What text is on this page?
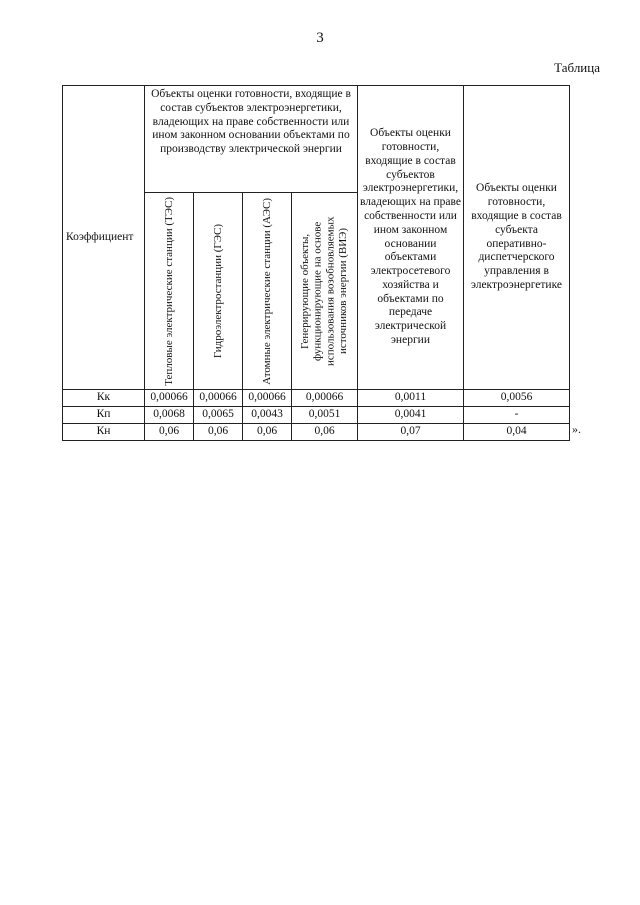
3
Таблица
Коэффициент	Объекты оценки готовности, входящие в состав субъектов электроэнергетики, владеющих на праве собственности или ином законном основании объектами по производству электрической энергии				Объекты оценки готовности, входящие в состав субъектов электроэнергетики, владеющих на праве собственности или ином законном основании объектами электросетевого хозяйства и объектами по передаче электрической энергии	Объекты оценки готовности, входящие в состав субъекта оперативно-диспетчерского управления в электроэнергетике

	Тепловые электрические станции (ТЭС)	Гидроэлектростанции (ГЭС)	Атомные электрические станции (АЭС)	Генерирующие объекты, функционирующие на основе использования возобновляемых источников энергии (ВИЭ)		

Кк	0,00066	0,00066	0,00066	0,00066	0,0011	0,0056
Кп	0,0068	0,0065	0,0043	0,0051	0,0041	-
Кн	0,06	0,06	0,06	0,06	0,07	0,04	».
